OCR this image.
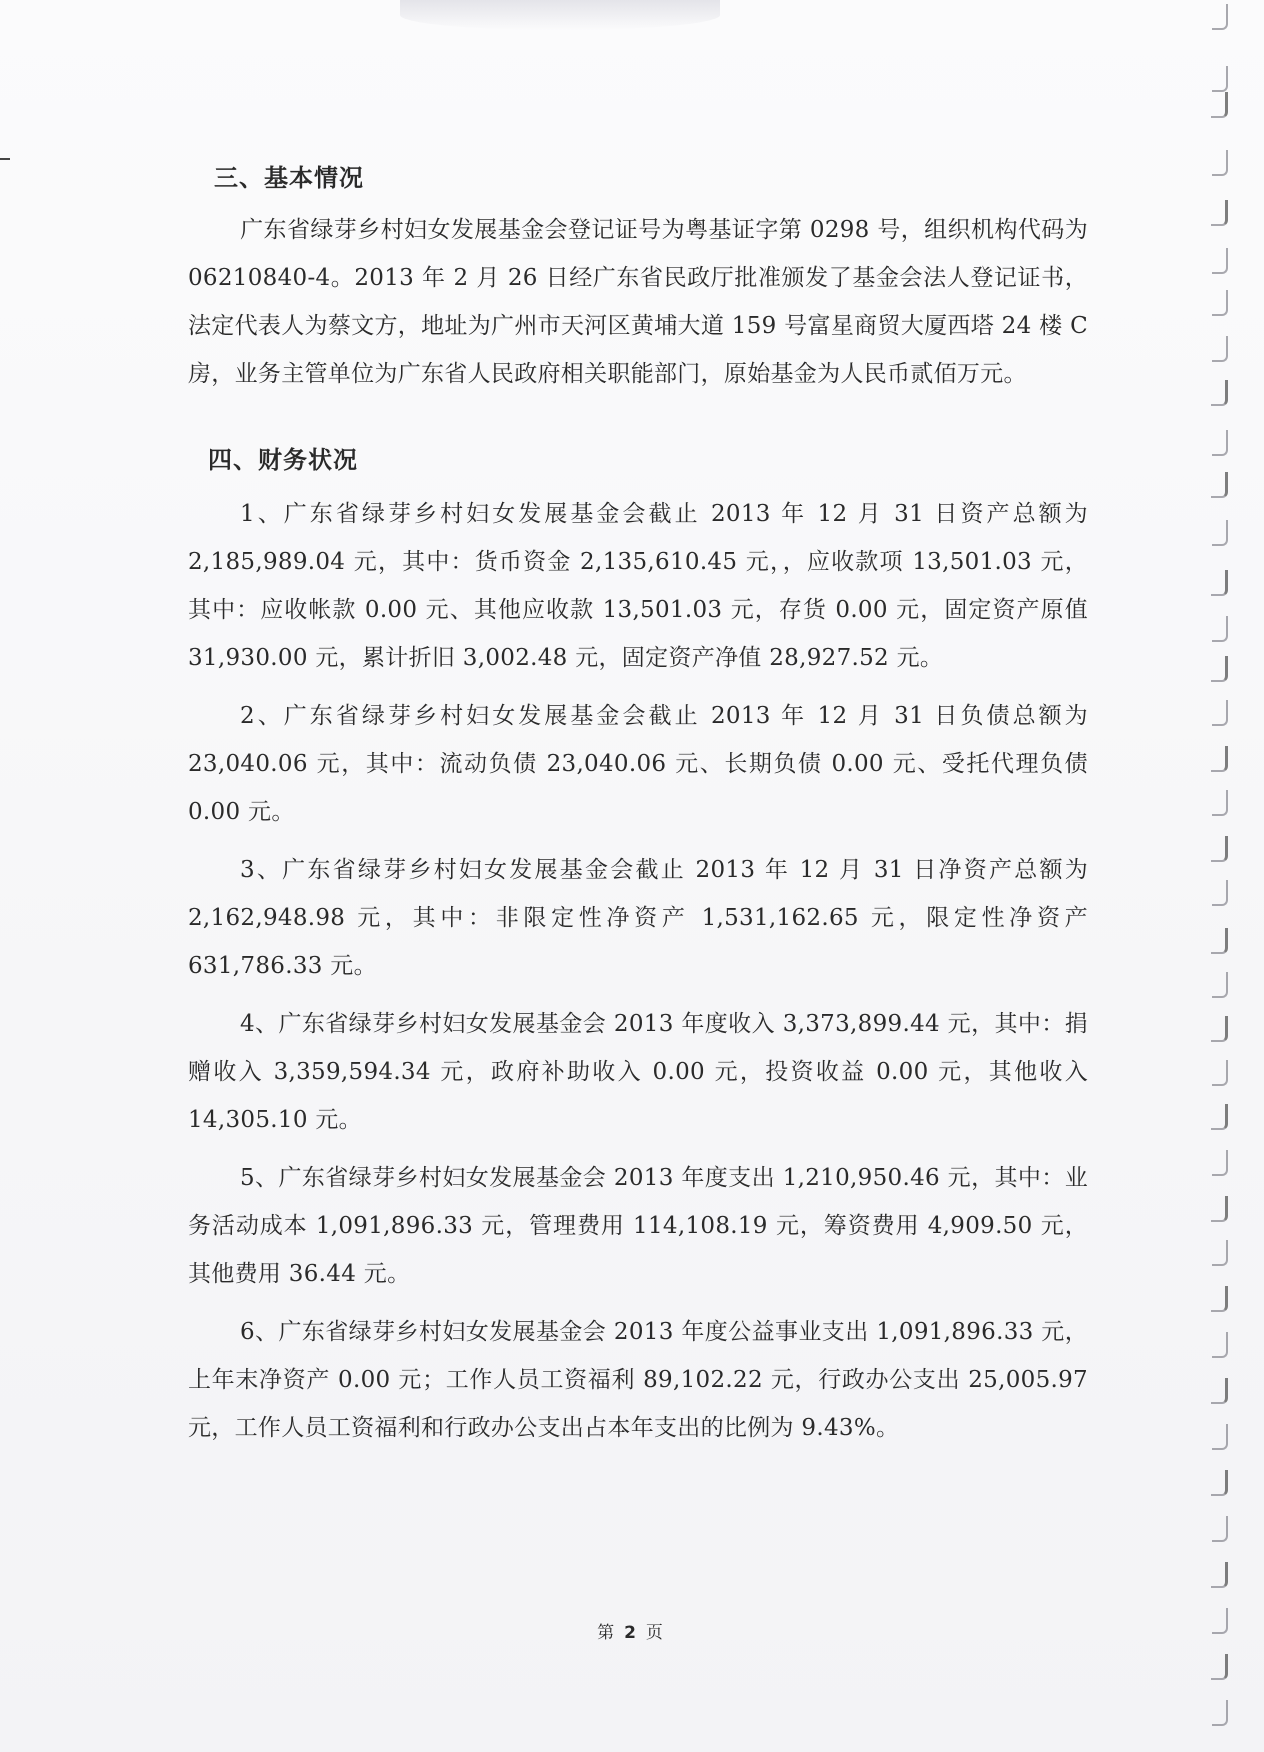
三、基本情况

广东省绿芽乡村妇女发展基金会登记证号为粤基证字第 0298 号，组织机构代码为 06210840-4。2013 年 2 月 26 日经广东省民政厅批准颁发了基金会法人登记证书，法定代表人为蔡文方，地址为广州市天河区黄埔大道 159 号富星商贸大厦西塔 24 楼 C 房，业务主管单位为广东省人民政府相关职能部门，原始基金为人民币贰佰万元。

四、财务状况

1、广东省绿芽乡村妇女发展基金会截止 2013 年 12 月 31 日资产总额为 2,185,989.04 元，其中：货币资金 2,135,610.45 元，，应收款项 13,501.03 元，其中：应收帐款 0.00 元、其他应收款 13,501.03 元，存货 0.00 元，固定资产原值 31,930.00 元，累计折旧 3,002.48 元，固定资产净值 28,927.52 元。

2、广东省绿芽乡村妇女发展基金会截止 2013 年 12 月 31 日负债总额为 23,040.06 元，其中：流动负债 23,040.06 元、长期负债 0.00 元、受托代理负债 0.00 元。

3、广东省绿芽乡村妇女发展基金会截止 2013 年 12 月 31 日净资产总额为 2,162,948.98 元，其中：非限定性净资产 1,531,162.65 元，限定性净资产 631,786.33 元。

4、广东省绿芽乡村妇女发展基金会 2013 年度收入 3,373,899.44 元，其中：捐赠收入 3,359,594.34 元，政府补助收入 0.00 元，投资收益 0.00 元，其他收入 14,305.10 元。

5、广东省绿芽乡村妇女发展基金会 2013 年度支出 1,210,950.46 元，其中：业务活动成本 1,091,896.33 元，管理费用 114,108.19 元，筹资费用 4,909.50 元，其他费用 36.44 元。

6、广东省绿芽乡村妇女发展基金会 2013 年度公益事业支出 1,091,896.33 元，上年末净资产 0.00 元；工作人员工资福利 89,102.22 元，行政办公支出 25,005.97 元，工作人员工资福利和行政办公支出占本年支出的比例为 9.43%。

第 2 页
